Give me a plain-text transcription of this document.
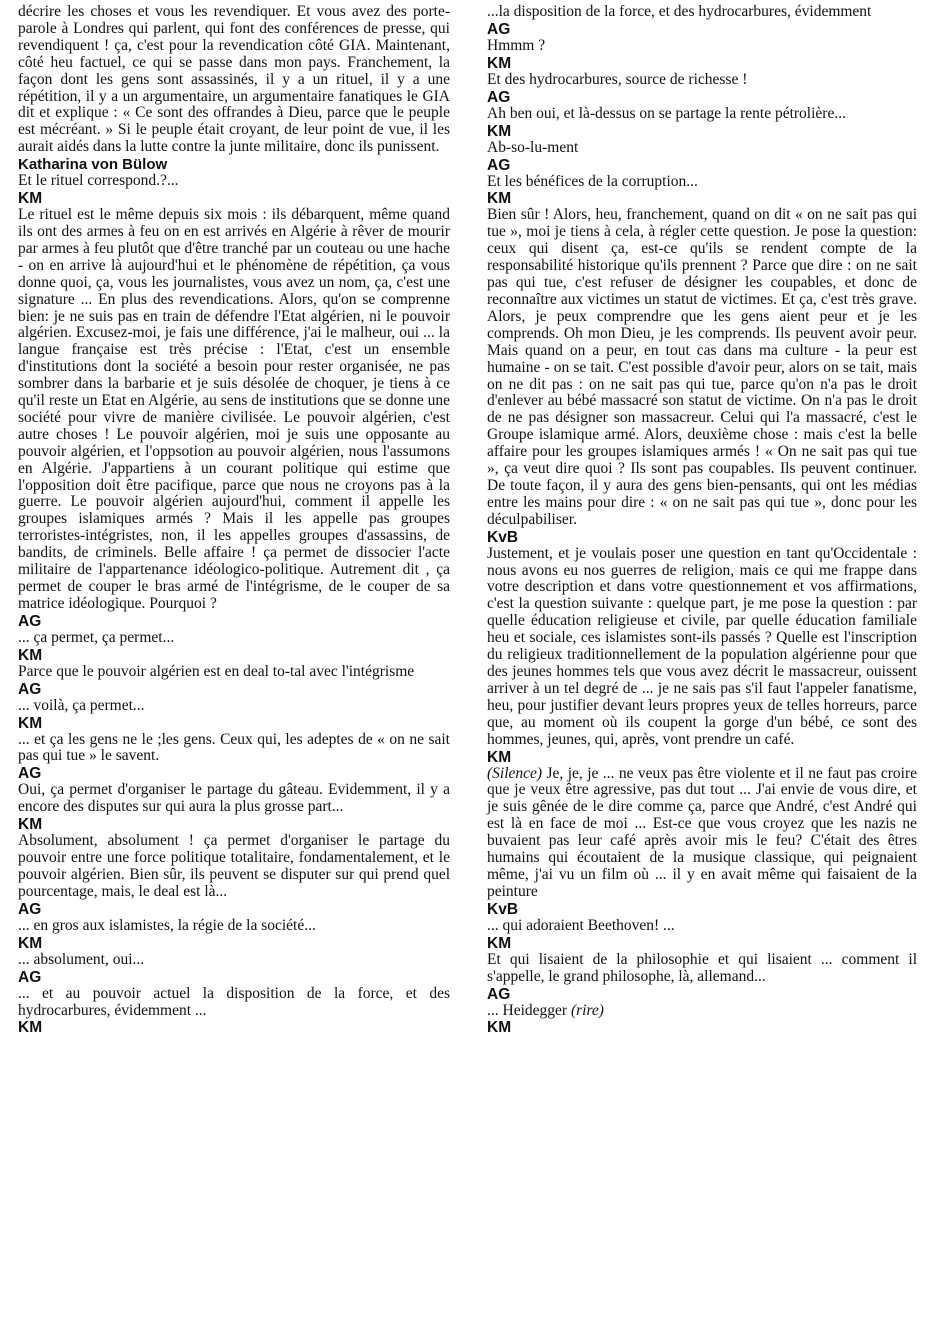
décrire les choses et vous les revendiquer. Et vous avez des porte-parole à Londres qui parlent, qui font des conférences de presse, qui revendiquent ! ça, c'est pour la revendication côté GIA. Maintenant, côté heu factuel, ce qui se passe dans mon pays. Franchement, la façon dont les gens sont assassinés, il y a un rituel, il y a une répétition, il y a un argumentaire, un argumentaire fanatiques le GIA dit et explique : « Ce sont des offrandes à Dieu, parce que le peuple est mécréant. » Si le peuple était croyant, de leur point de vue, il les aurait aidés dans la lutte contre la junte militaire, donc ils punissent.
Katharina von Bülow
Et le rituel correspond.?...
KM
Le rituel est le même depuis six mois : ils débarquent, même quand ils ont des armes à feu on en est arrivés en Algérie à rêver de mourir par armes à feu plutôt que d'être tranché par un couteau ou une hache - on en arrive là aujourd'hui et le phénomène de répétition, ça vous donne quoi, ça, vous les journalistes, vous avez un nom, ça, c'est une signature ... En plus des revendications. Alors, qu'on se comprenne bien: je ne suis pas en train de défendre l'Etat algérien, ni le pouvoir algérien. Excusez-moi, je fais une différence, j'ai le malheur, oui ... la langue française est très précise : l'Etat, c'est un ensemble d'institutions dont la société a besoin pour rester organisée, ne pas sombrer dans la barbarie et je suis désolée de choquer, je tiens à ce qu'il reste un Etat en Algérie, au sens de institutions que se donne une société pour vivre de manière civilisée. Le pouvoir algérien, c'est autre choses ! Le pouvoir algérien, moi je suis une opposante au pouvoir algérien, et l'oppsotion au pouvoir algérien, nous l'assumons en Algérie. J'appartiens à un courant politique qui estime que l'opposition doit être pacifique, parce que nous ne croyons pas à la guerre. Le pouvoir algérien aujourd'hui, comment il appelle les groupes islamiques armés ? Mais il les appelle pas groupes terroristes-intégristes, non, il les appelles groupes d'assassins, de bandits, de criminels. Belle affaire ! ça permet de dissocier l'acte militaire de l'appartenance idéologico-politique. Autrement dit , ça permet de couper le bras armé de l'intégrisme, de le couper de sa matrice idéologique. Pourquoi ?
AG
... ça permet, ça permet...
KM
Parce que le pouvoir algérien est en deal to-tal avec l'intégrisme
AG
... voilà, ça permet...
KM
... et ça les gens ne le ;les gens. Ceux qui, les adeptes de « on ne sait pas qui tue » le savent.
AG
Oui, ça permet d'organiser le partage du gâteau. Evidemment, il y a encore des disputes sur qui aura la plus grosse part...
KM
Absolument, absolument ! ça permet d'organiser le partage du pouvoir entre une force politique totalitaire, fondamentalement, et le pouvoir algérien. Bien sûr, ils peuvent se disputer sur qui prend quel pourcentage, mais, le deal est là...
AG
... en gros aux islamistes, la régie de la société...
KM
... absolument, oui...
AG
... et au pouvoir actuel la disposition de la force, et des hydrocarbures, évidemment ...
KM
...la disposition de la force, et des hydrocarbures, évidemment
AG
Hmmm ?
KM
Et des hydrocarbures, source de richesse !
AG
Ah ben oui, et là-dessus on se partage la rente pétrolière...
KM
Ab-so-lu-ment
AG
Et les bénéfices de la corruption...
KM
Bien sûr ! Alors, heu, franchement, quand on dit « on ne sait pas qui tue », moi je tiens à cela, à régler cette question. Je pose la question: ceux qui disent ça, est-ce qu'ils se rendent compte de la responsabilité historique qu'ils prennent ? Parce que dire : on ne sait pas qui tue, c'est refuser de désigner les coupables, et donc de reconnaître aux victimes un statut de victimes. Et ça, c'est très grave. Alors, je peux comprendre que les gens aient peur et je les comprends. Oh mon Dieu, je les comprends. Ils peuvent avoir peur. Mais quand on a peur, en tout cas dans ma culture - la peur est humaine - on se tait. C'est possible d'avoir peur, alors on se tait, mais on ne dit pas : on ne sait pas qui tue, parce qu'on n'a pas le droit d'enlever au bébé massacré son statut de victime. On n'a pas le droit de ne pas désigner son massacreur. Celui qui l'a massacré, c'est le Groupe islamique armé. Alors, deuxième chose : mais c'est la belle affaire pour les groupes islamiques armés ! « On ne sait pas qui tue », ça veut dire quoi ? Ils sont pas coupables. Ils peuvent continuer. De toute façon, il y aura des gens bien-pensants, qui ont les médias entre les mains pour dire : « on ne sait pas qui tue », donc pour les déculpabiliser.
KvB
Justement, et je voulais poser une question en tant qu'Occidentale : nous avons eu nos guerres de religion, mais ce qui me frappe dans votre description et dans votre questionnement et vos affirmations, c'est la question suivante : quelque part, je me pose la question : par quelle éducation religieuse et civile, par quelle éducation familiale heu et sociale, ces islamistes sont-ils passés ? Quelle est l'inscription du religieux traditionnellement de la population algérienne pour que des jeunes hommes tels que vous avez décrit le massacreur, ouissent arriver à un tel degré de ... je ne sais pas s'il faut l'appeler fanatisme, heu, pour justifier devant leurs propres yeux de telles horreurs, parce que, au moment où ils coupent la gorge d'un bébé, ce sont des hommes, jeunes, qui, après, vont prendre un café.
KM
(Silence) Je, je, je ... ne veux pas être violente et il ne faut pas croire que je veux être agressive, pas dut tout ... J'ai envie de vous dire, et je suis gênée de le dire comme ça, parce que André, c'est André qui est là en face de moi ... Est-ce que vous croyez que les nazis ne buvaient pas leur café après avoir mis le feu? C'était des êtres humains qui écoutaient de la musique classique, qui peignaient même, j'ai vu un film où ... il y en avait même qui faisaient de la peinture
KvB
... qui adoraient Beethoven! ...
KM
Et qui lisaient de la philosophie et qui lisaient ... comment il s'appelle, le grand philosophe, là, allemand...
AG
... Heidegger (rire)
KM
